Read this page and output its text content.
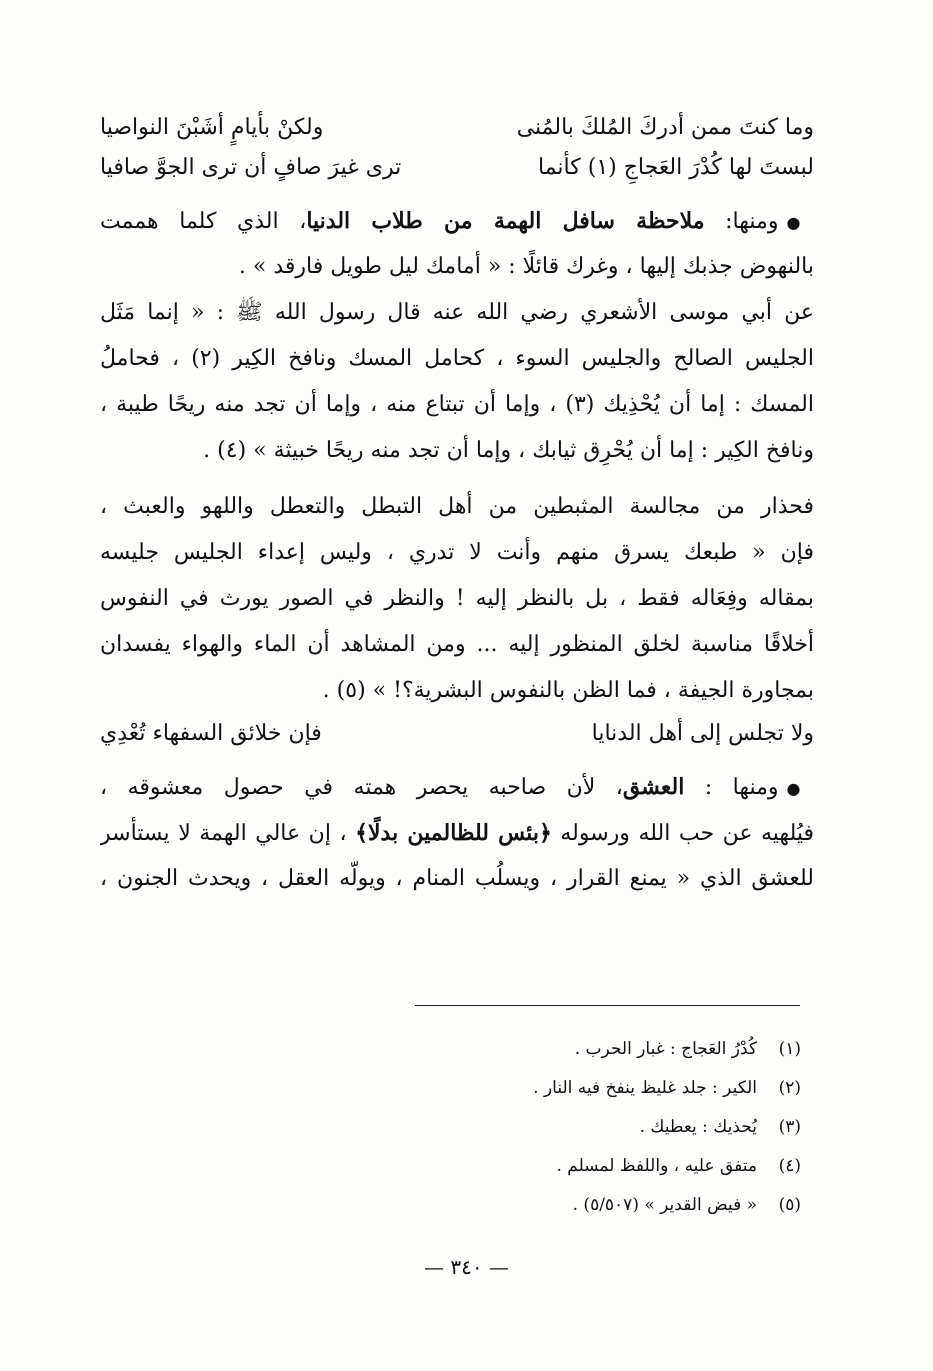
وما كنتَ ممن أدركَ المُلكَ بالمُنى
ولكنْ بأيامٍ أشَبْنَ النواصيا
لبستَ لها كُدْرَ العَجاجِ (١) كأنما
ترى غيرَ صافٍ أن ترى الجوَّ صافيا
● ومنها: ملاحظة سافل الهمة من طلاب الدنيا، الذي كلما هممت
بالنهوض جذبك إليها ، وغرك قائلًا : « أمامك ليل طويل فارقد » .
عن أبي موسى الأشعري رضي الله عنه قال رسول الله ﷺ : « إنما مَثَل
الجليس الصالح والجليس السوء ، كحامل المسك ونافخ الكِير (٢) ، فحاملُ
المسك : إما أن يُحْذِيك (٣) ، وإما أن تبتاع منه ، وإما أن تجد منه ريحًا طيبة ،
ونافخ الكِير : إما أن يُحْرِق ثيابك ، وإما أن تجد منه ريحًا خبيثة » (٤) .
فحذار من مجالسة المثبطين من أهل التبطل والتعطل واللهو والعبث ،
فإن « طبعك يسرق منهم وأنت لا تدري ، وليس إعداء الجليس جليسه
بمقاله وفِعَاله فقط ، بل بالنظر إليه ! والنظر في الصور يورث في النفوس
أخلاقًا مناسبة لخلق المنظور إليه ... ومن المشاهد أن الماء والهواء يفسدان
بمجاورة الجيفة ، فما الظن بالنفوس البشرية؟! » (٥) .
ولا تجلس إلى أهل الدنايا
فإن خلائق السفهاء تُعْدِي
● ومنها : العشق، لأن صاحبه يحصر همته في حصول معشوقه ،
فيُلهيه عن حب الله ورسوله ﴿بئس للظالمين بدلًا﴾ ، إن عالي الهمة لا يستأسر
للعشق الذي « يمنع القرار ، ويسلُب المنام ، ويولّه العقل ، ويحدث الجنون ،
(١)كُدْرُ العَجاج : غبار الحرب .
(٢)الكير : جلد غليظ ينفخ فيه النار .
(٣)يُحذيك : يعطيك .
(٤)متفق عليه ، واللفظ لمسلم .
(٥)« فيض القدير » (٥/٥٠٧) .
— ٣٤٠ —
